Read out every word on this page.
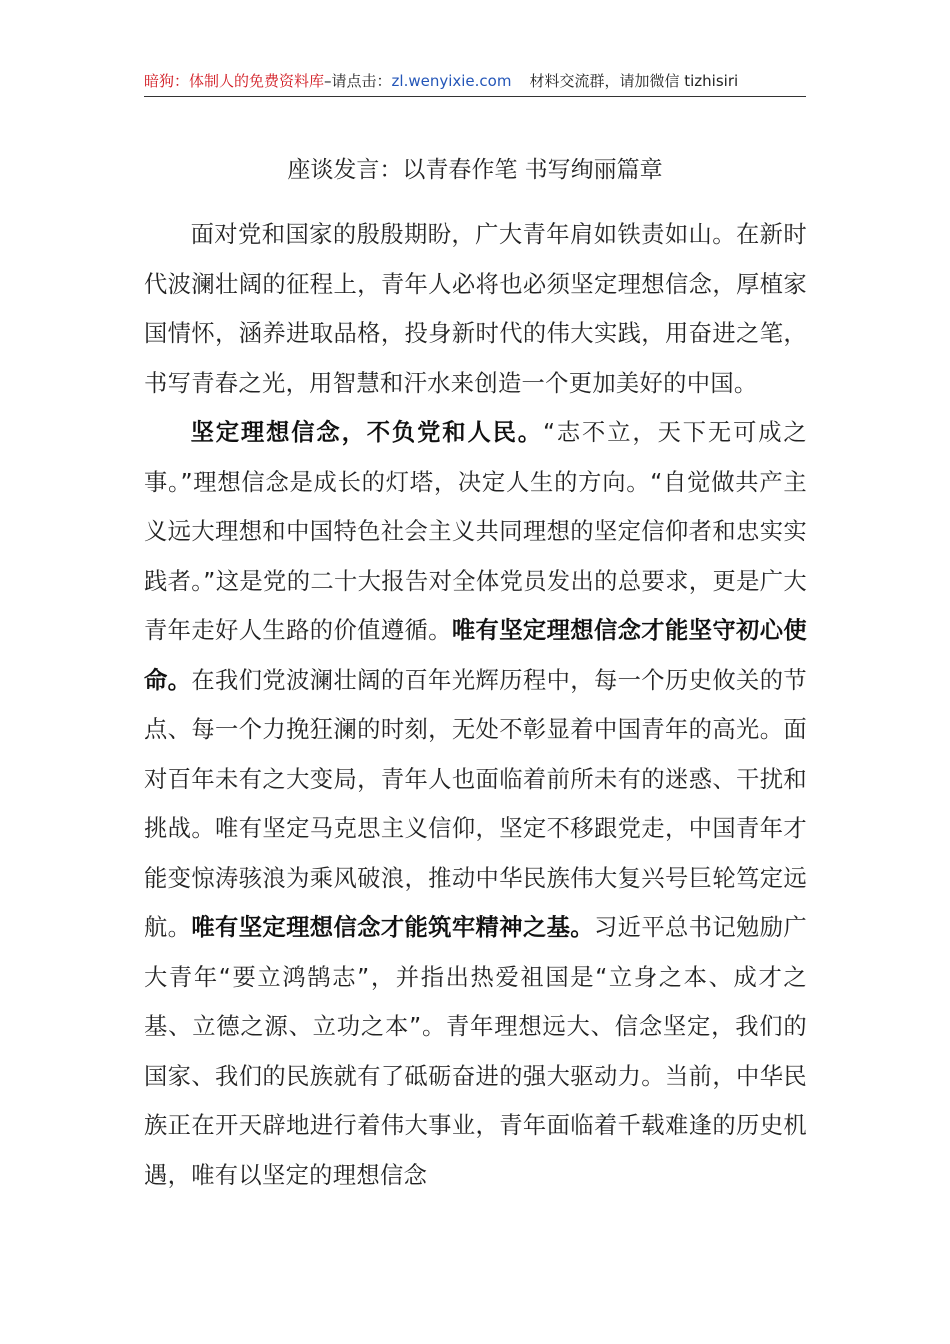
暗狗：体制人的免费资料库–请点击：zl.wenyixie.com 材料交流群，请加微信 tizhisiri
座谈发言：以青春作笔 书写绚丽篇章

面对党和国家的殷殷期盼，广大青年肩如铁责如山。在新时代波澜壮阔的征程上，青年人必将也必须坚定理想信念，厚植家国情怀，涵养进取品格，投身新时代的伟大实践，用奋进之笔，书写青春之光，用智慧和汗水来创造一个更加美好的中国。

坚定理想信念，不负党和人民。“志不立，天下无可成之事。”理想信念是成长的灯塔，决定人生的方向。“自觉做共产主义远大理想和中国特色社会主义共同理想的坚定信仰者和忠实实践者。”这是党的二十大报告对全体党员发出的总要求，更是广大青年走好人生路的价值遵循。唯有坚定理想信念才能坚守初心使命。在我们党波澜壮阔的百年光辉历程中，每一个历史攸关的节点、每一个力挽狂澜的时刻，无处不彰显着中国青年的高光。面对百年未有之大变局，青年人也面临着前所未有的迷惑、干扰和挑战。唯有坚定马克思主义信仰，坚定不移跟党走，中国青年才能变惊涛骇浪为乘风破浪，推动中华民族伟大复兴号巨轮笃定远航。唯有坚定理想信念才能筑牢精神之基。习近平总书记勉励广大青年“要立鸿鹄志”，并指出热爱祖国是“立身之本、成才之基、立德之源、立功之本”。青年理想远大、信念坚定，我们的国家、我们的民族就有了砥砺奋进的强大驱动力。当前，中华民族正在开天辟地进行着伟大事业，青年面临着千载难逢的历史机遇，唯有以坚定的理想信念
